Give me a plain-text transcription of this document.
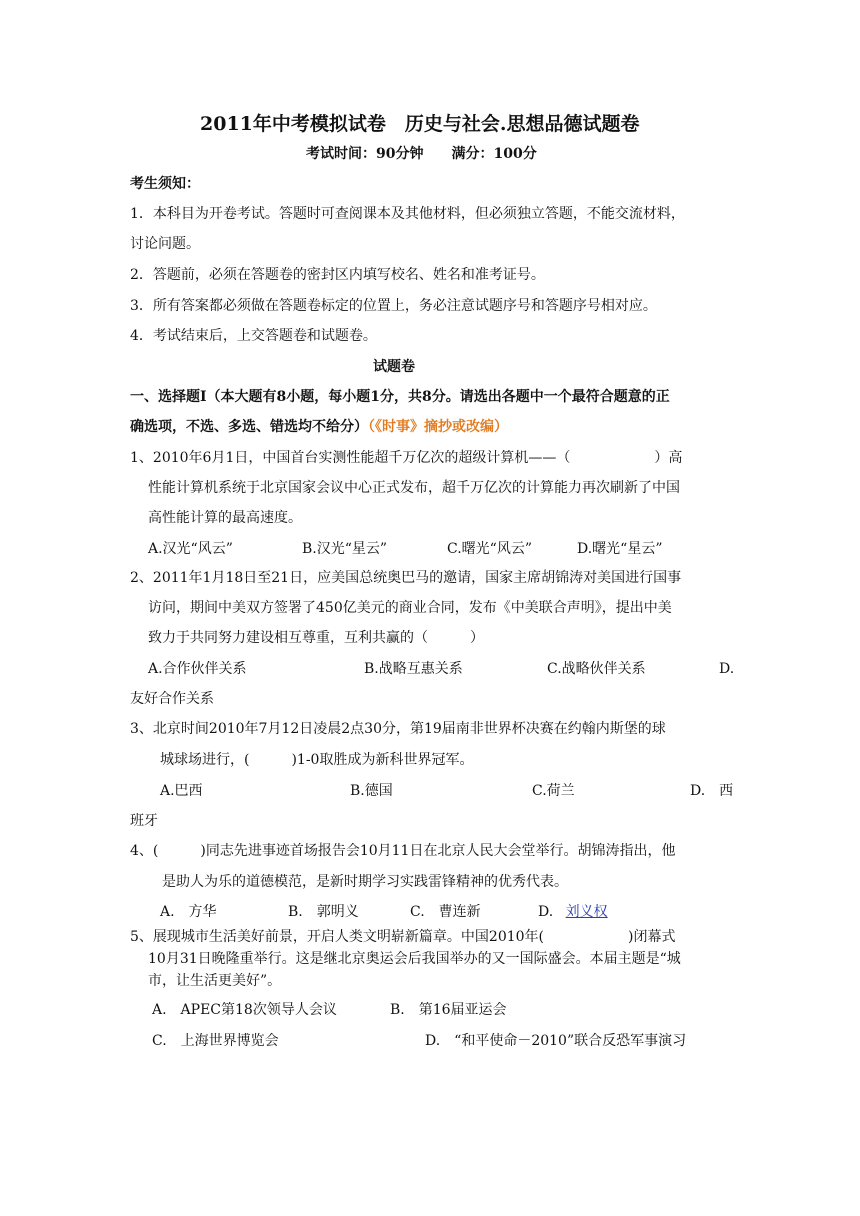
2011年中考模拟试卷　历史与社会.思想品德试题卷
考试时间：90分钟　　满分：100分
考生须知：
1．本科目为开卷考试。答题时可查阅课本及其他材料，但必须独立答题，不能交流材料，
讨论问题。
2．答题前，必须在答题卷的密封区内填写校名、姓名和准考证号。
3．所有答案都必须做在答题卷标定的位置上，务必注意试题序号和答题序号相对应。
4．考试结束后，上交答题卷和试题卷。
试题卷
一、选择题Ⅰ（本大题有8小题，每小题1分，共8分。请选出各题中一个最符合题意的正
确选项，不选、多选、错选均不给分）（《时事》摘抄或改编）
1、2010年6月1日，中国首台实测性能超千万亿次的超级计算机——（　　　　　　）高
性能计算机系统于北京国家会议中心正式发布，超千万亿次的计算能力再次刷新了中国
高性能计算的最高速度。
A.汉光“风云”	B.汉光“星云”	C.曙光“风云”	D.曙光“星云”
2、2011年1月18日至21日，应美国总统奥巴马的邀请，国家主席胡锦涛对美国进行国事
访问，期间中美双方签署了450亿美元的商业合同，发布《中美联合声明》，提出中美
致力于共同努力建设相互尊重，互利共赢的（　　　）
A.合作伙伴关系	B.战略互惠关系	C.战略伙伴关系	D.
友好合作关系
3、北京时间2010年7月12日凌晨2点30分，第19届南非世界杯决赛在约翰内斯堡的球
城球场进行，(　　　)1-0取胜成为新科世界冠军。
A.巴西	B.德国	C.荷兰	D.　西
班牙
4、(　　　)同志先进事迹首场报告会10月11日在北京人民大会堂举行。胡锦涛指出，他
是助人为乐的道德模范，是新时期学习实践雷锋精神的优秀代表。
A.　方华	B.　郭明义	C.　曹连新	D. 刘义权
5、展现城市生活美好前景，开启人类文明崭新篇章。中国2010年(　　　　　　)闭幕式
10月31日晚隆重举行。这是继北京奥运会后我国举办的又一国际盛会。本届主题是“城
市，让生活更美好”。
A.　APEC第18次领导人会议	B.　第16届亚运会
C.　上海世界博览会	D.　“和平使命－2010”联合反恐军事演习
